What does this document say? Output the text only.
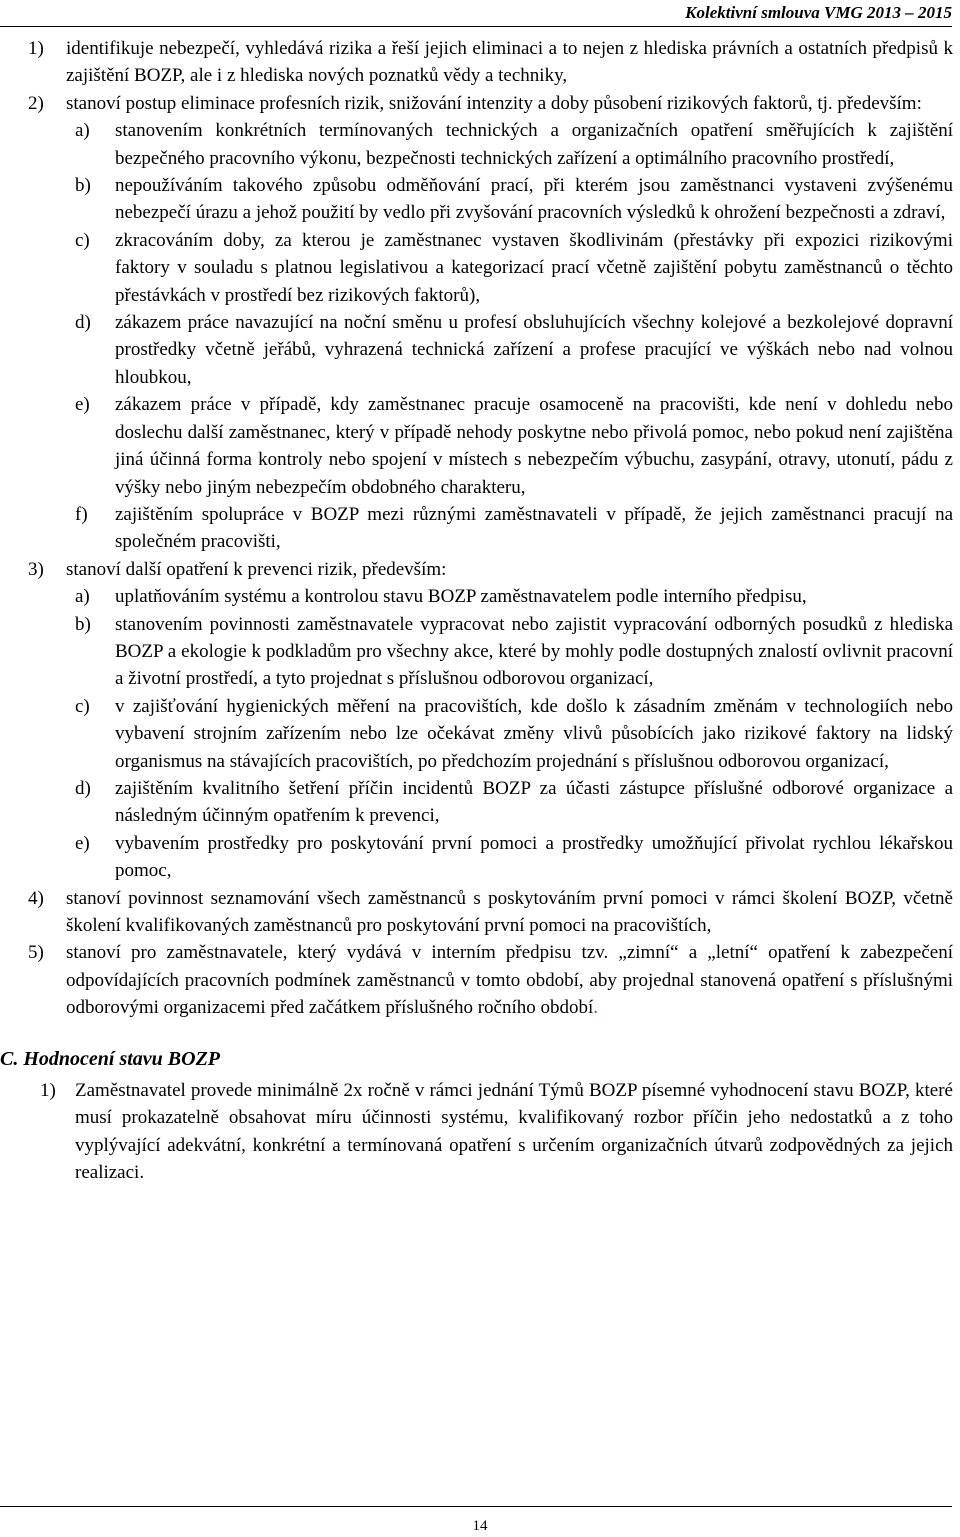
Kolektivní smlouva VMG 2013 – 2015
1)	identifikuje nebezpečí, vyhledává rizika a řeší jejich eliminaci a to nejen z hlediska právních a ostatních předpisů k zajištění BOZP, ale i z hlediska nových poznatků vědy a techniky,
2)	stanoví postup eliminace profesních rizik, snižování intenzity a doby působení rizikových faktorů, tj. především:
a)	stanovením konkrétních termínovaných technických a organizačních opatření směřujících k zajištění bezpečného pracovního výkonu, bezpečnosti technických zařízení a optimálního pracovního prostředí,
b)	nepoužíváním takového způsobu odměňování prací, při kterém jsou zaměstnanci vystaveni zvýšenému nebezpečí úrazu a jehož použití by vedlo při zvyšování pracovních výsledků k ohrožení bezpečnosti a zdraví,
c)	zkracováním doby, za kterou je zaměstnanec vystaven škodlivinám (přestávky při expozici rizikovými faktory v souladu s platnou legislativou a kategorizací prací včetně zajištění pobytu zaměstnanců o těchto přestávkách v prostředí bez rizikových faktorů),
d)	zákazem práce navazující na noční směnu u profesí obsluhujících všechny kolejové a bezkolejové dopravní prostředky včetně jeřábů, vyhrazená technická zařízení a profese pracující ve výškách nebo nad volnou hloubkou,
e)	zákazem práce v případě, kdy zaměstnanec pracuje osamoceně na pracovišti, kde není v dohledu nebo doslechu další zaměstnanec, který v případě nehody poskytne nebo přivolá pomoc, nebo pokud není zajištěna jiná účinná forma kontroly nebo spojení v místech s nebezpečím výbuchu, zasypání, otravy, utonutí, pádu z výšky nebo jiným nebezpečím obdobného charakteru,
f)	zajištěním spolupráce v BOZP mezi různými zaměstnavateli v případě, že jejich zaměstnanci pracují na společném pracovišti,
3)	stanoví další opatření k prevenci rizik, především:
a)	uplatňováním systému a kontrolou stavu BOZP zaměstnavatelem podle interního předpisu,
b)	stanovením povinnosti zaměstnavatele vypracovat nebo zajistit vypracování odborných posudků z hlediska BOZP a ekologie k podkladům pro všechny akce, které by mohly podle dostupných znalostí ovlivnit pracovní a životní prostředí, a tyto projednat s příslušnou odborovou organizací,
c)	v zajišťování hygienických měření na pracovištích, kde došlo k zásadním změnám v technologiích nebo vybavení strojním zařízením nebo lze očekávat změny vlivů působících jako rizikové faktory na lidský organismus na stávajících pracovištích, po předchozím projednání s příslušnou odborovou organizací,
d)	zajištěním kvalitního šetření příčin incidentů BOZP za účasti zástupce příslušné odborové organizace a následným účinným opatřením k prevenci,
e)	vybavením prostředky pro poskytování první pomoci a prostředky umožňující přivolat rychlou lékařskou pomoc,
4)	stanoví povinnost seznamování všech zaměstnanců s poskytováním první pomoci v rámci školení BOZP, včetně školení kvalifikovaných zaměstnanců pro poskytování první pomoci na pracovištích,
5)	stanoví pro zaměstnavatele, který vydává v interním předpisu tzv. „zimní“ a „letní“ opatření k zabezpečení odpovídajících pracovních podmínek zaměstnanců v tomto období, aby projednal stanovená opatření s příslušnými odborovými organizacemi před začátkem příslušného ročního období.
C. Hodnocení stavu BOZP
1)	Zaměstnavatel provede minimálně 2x ročně v rámci jednání Týmů BOZP písemné vyhodnocení stavu BOZP, které musí prokazatelně obsahovat míru účinnosti systému, kvalifikovaný rozbor příčin jeho nedostatků a z toho vyplývající adekvátní, konkrétní a termínovaná opatření s určením organizačních útvarů zodpovědných za jejich realizaci.
14
